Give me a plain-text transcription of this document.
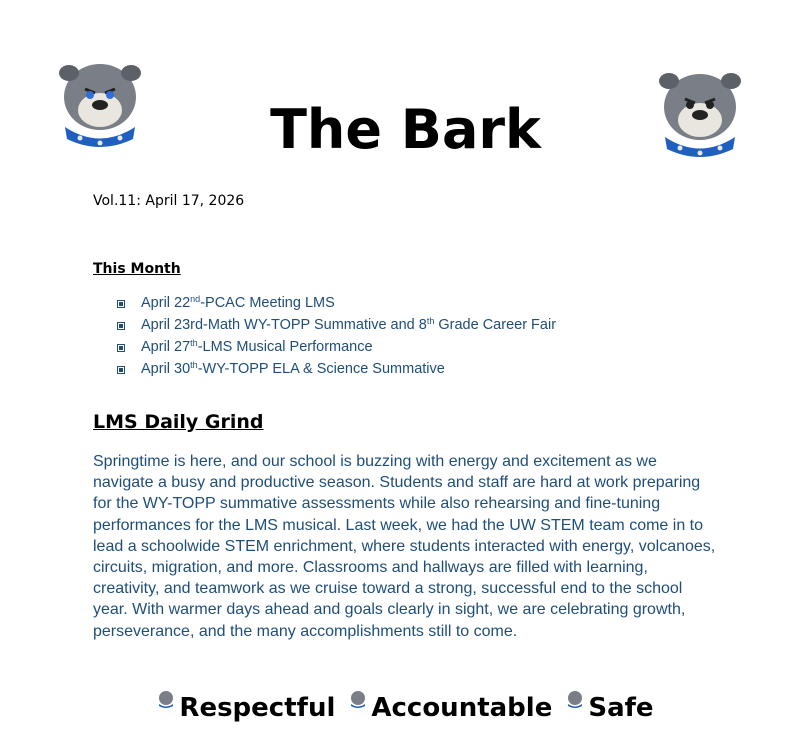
The Bark
Vol.11: April 17, 2026
This Month
April 22nd-PCAC Meeting LMS
April 23rd-Math WY-TOPP Summative and 8th Grade Career Fair
April 27th-LMS Musical Performance
April 30th-WY-TOPP ELA & Science Summative
LMS Daily Grind
Springtime is here, and our school is buzzing with energy and excitement as we
navigate a busy and productive season. Students and staff are hard at work preparing
for the WY-TOPP summative assessments while also rehearsing and fine-tuning
performances for the LMS musical. Last week, we had the UW STEM team come in to
lead a schoolwide STEM enrichment, where students interacted with energy, volcanoes,
circuits, migration, and more. Classrooms and hallways are filled with learning,
creativity, and teamwork as we cruise toward a strong, successful end to the school
year. With warmer days ahead and goals clearly in sight, we are celebrating growth,
perseverance, and the many accomplishments still to come.
Respectful Accountable Safe
